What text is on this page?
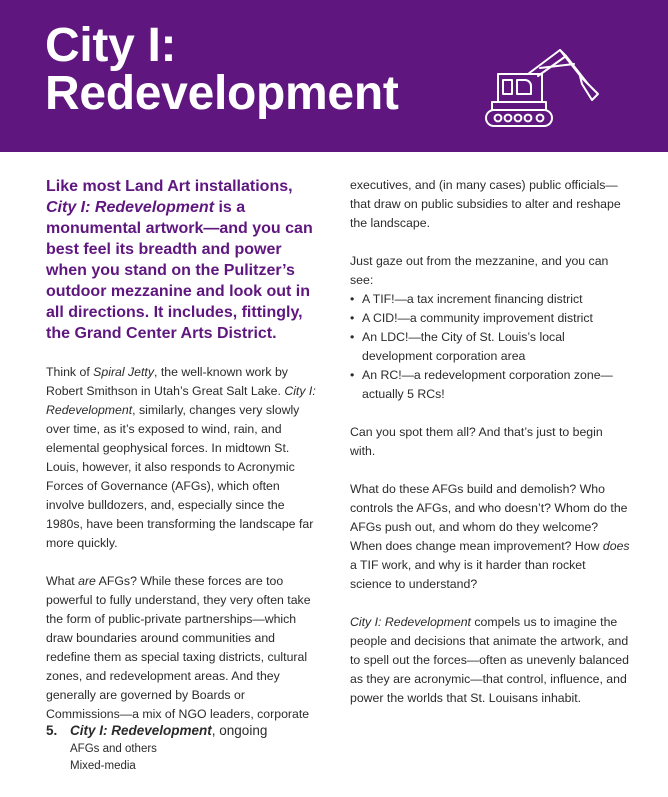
City I:
Redevelopment

Like most Land Art installations, City I: Redevelopment is a monumental artwork—and you can best feel its breadth and power when you stand on the Pulitzer’s outdoor mezzanine and look out in all directions. It includes, fittingly, the Grand Center Arts District.

Think of Spiral Jetty, the well-known work by Robert Smithson in Utah’s Great Salt Lake. City I: Redevelopment, similarly, changes very slowly over time, as it’s exposed to wind, rain, and elemental geophysical forces. In midtown St. Louis, however, it also responds to Acronymic Forces of Governance (AFGs), which often involve bulldozers, and, especially since the 1980s, have been transforming the landscape far more quickly.

What are AFGs? While these forces are too powerful to fully understand, they very often take the form of public-private partnerships—which draw boundaries around communities and redefine them as special taxing districts, cultural zones, and redevelopment areas. And they generally are governed by Boards or Commissions—a mix of NGO leaders, corporate

executives, and (in many cases) public officials—that draw on public subsidies to alter and reshape the landscape.

Just gaze out from the mezzanine, and you can see:

• A TIF!—a tax increment financing district
• A CID!—a community improvement district
• An LDC!—the City of St. Louis’s local development corporation area
• An RC!—a redevelopment corporation zone—actually 5 RCs!

Can you spot them all? And that’s just to begin with.

What do these AFGs build and demolish? Who controls the AFGs, and who doesn’t? Whom do the AFGs push out, and whom do they welcome? When does change mean improvement? How does a TIF work, and why is it harder than rocket science to understand?

City I: Redevelopment compels us to imagine the people and decisions that animate the artwork, and to spell out the forces—often as unevenly balanced as they are acronymic—that control, influence, and power the worlds that St. Louisans inhabit.

5. City I: Redevelopment, ongoing
AFGs and others
Mixed-media
